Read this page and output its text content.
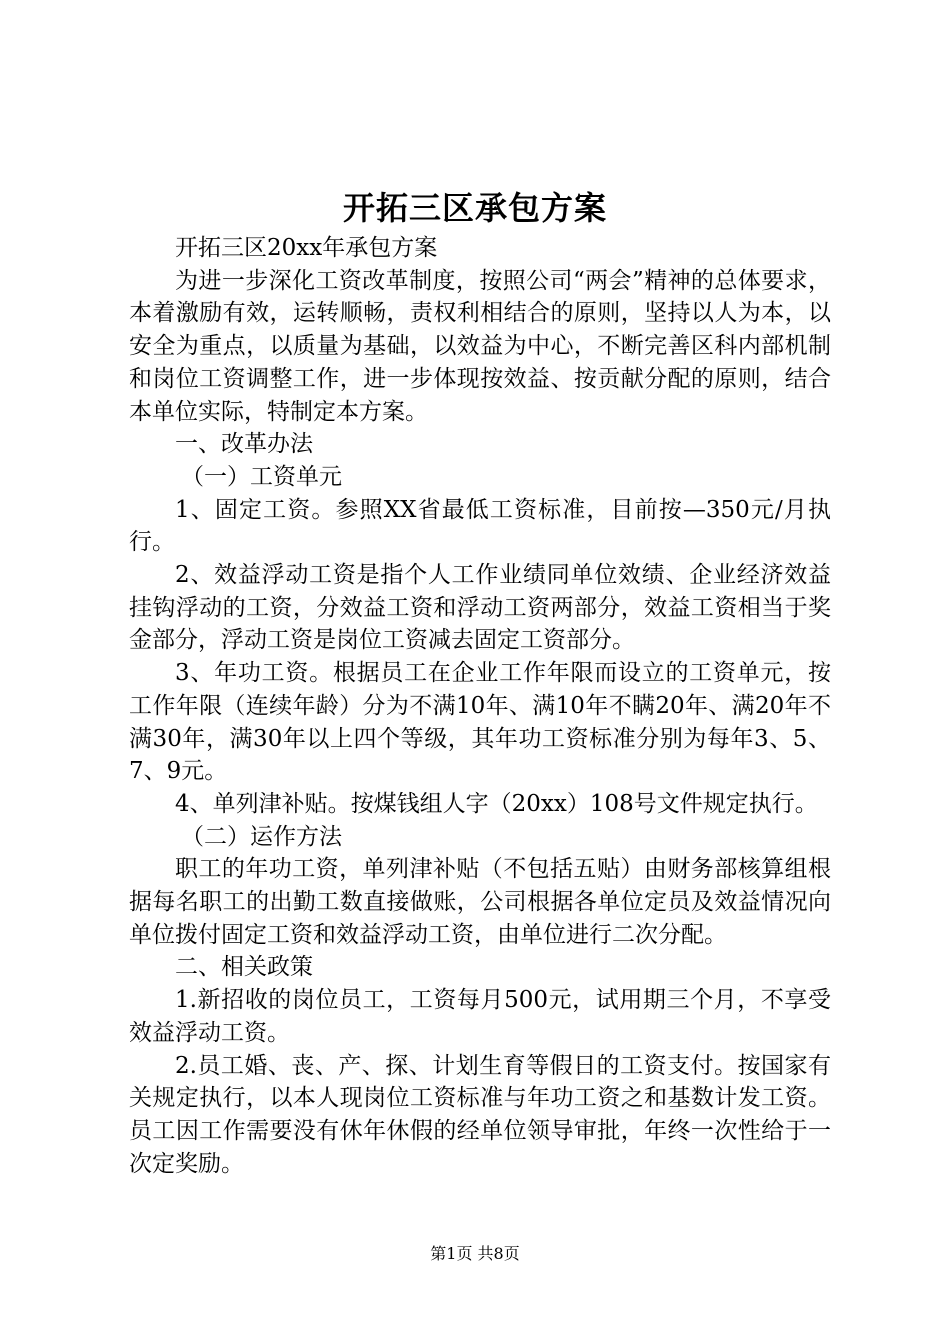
开拓三区承包方案

开拓三区20xx年承包方案

为进一步深化工资改革制度，按照公司“两会”精神的总体要求，本着激励有效，运转顺畅，责权利相结合的原则，坚持以人为本，以安全为重点，以质量为基础，以效益为中心，不断完善区科内部机制和岗位工资调整工作，进一步体现按效益、按贡献分配的原则，结合本单位实际，特制定本方案。

一、改革办法

（一）工资单元

1、固定工资。参照XX省最低工资标准，目前按—350元/月执行。

2、效益浮动工资是指个人工作业绩同单位效绩、企业经济效益挂钩浮动的工资，分效益工资和浮动工资两部分，效益工资相当于奖金部分，浮动工资是岗位工资减去固定工资部分。

3、年功工资。根据员工在企业工作年限而设立的工资单元，按工作年限（连续年龄）分为不满10年、满10年不瞒20年、满20年不满30年，满30年以上四个等级，其年功工资标准分别为每年3、5、7、9元。

4、单列津补贴。按煤钱组人字（20xx）108号文件规定执行。

（二）运作方法

职工的年功工资，单列津补贴（不包括五贴）由财务部核算组根据每名职工的出勤工数直接做账，公司根据各单位定员及效益情况向单位拨付固定工资和效益浮动工资，由单位进行二次分配。

二、相关政策

1.新招收的岗位员工，工资每月500元，试用期三个月，不享受效益浮动工资。

2.员工婚、丧、产、探、计划生育等假日的工资支付。按国家有关规定执行，以本人现岗位工资标准与年功工资之和基数计发工资。员工因工作需要没有休年休假的经单位领导审批，年终一次性给于一次定奖励。

第1页 共8页
